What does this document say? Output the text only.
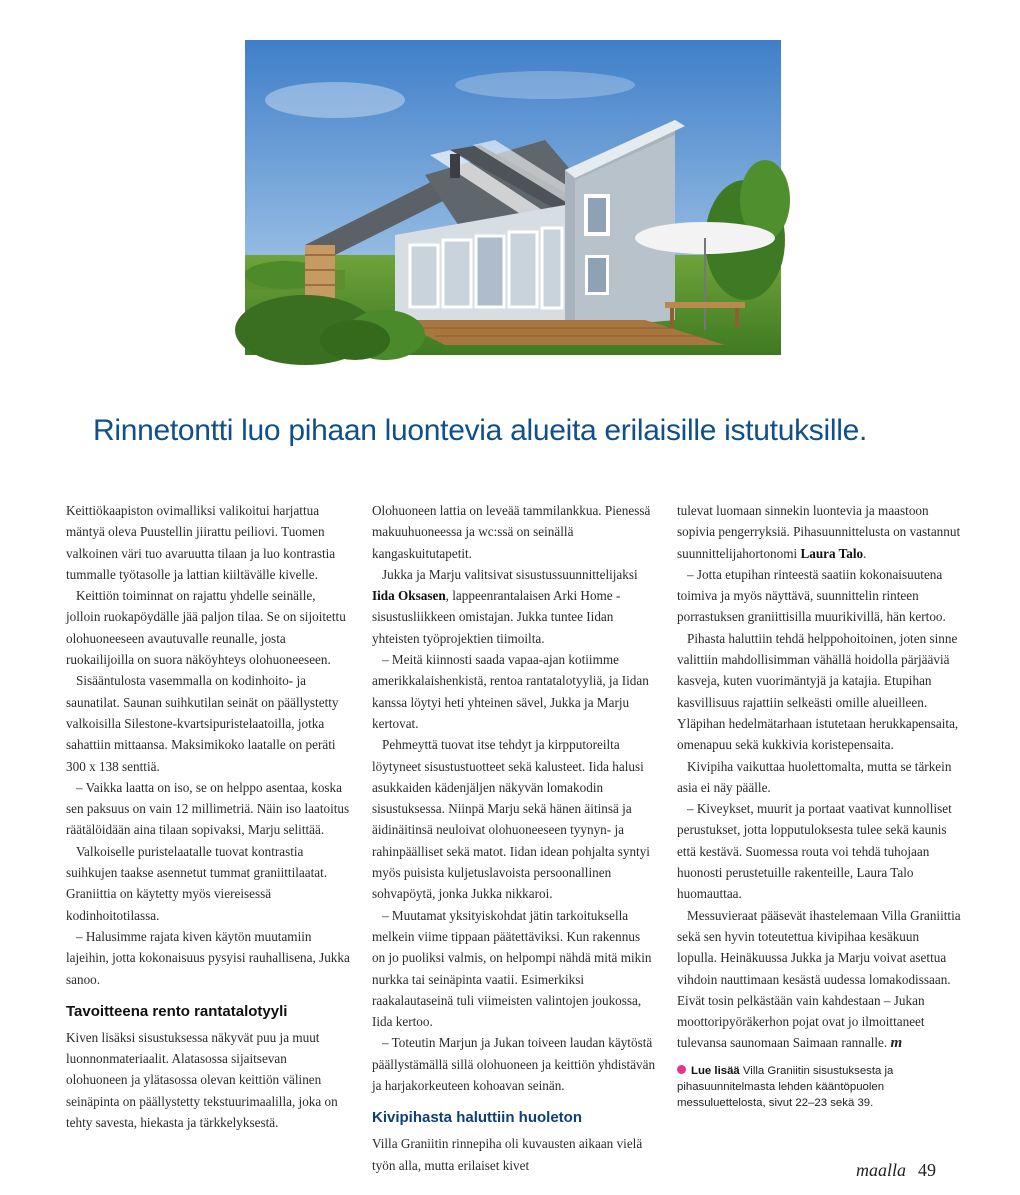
Villa Graniitti on muunneltu
Kastellitalojen Rinnevisio-talosta.
Rinnetontti luo pihaan luontevia alueita erilaisille istutuksille.

Keittiökaapiston ovimalliksi valikoitui harjattua mäntyä oleva Puustellin jiirattu peiliovi. Tuomen valkoinen väri tuo avaruutta tilaan ja luo kontrastia tummalle työtasolle ja lattian kiiltävälle kivelle.

Keittiön toiminnat on rajattu yhdelle seinälle, jolloin ruokapöydälle jää paljon tilaa. Se on sijoitettu olohuoneeseen avautuvalle reunalle, josta ruokailijoilla on suora näköyhteys olohuoneeseen.

Sisääntulosta vasemmalla on kodinhoito- ja saunatilat. Saunan suihkutilan seinät on päällystetty valkoisilla Silestone-kvartsipuristelaatoilla, jotka sahattiin mittaansa. Maksimikoko laatalle on peräti 300 x 138 senttiä.

– Vaikka laatta on iso, se on helppo asentaa, koska sen paksuus on vain 12 millimetriä. Näin iso laatoitus räätälöidään aina tilaan sopivaksi, Marju selittää.

Valkoiselle puristelaatalle tuovat kontrastia suihkujen taakse asennetut tummat graniittilaatat. Graniittia on käytetty myös viereisessä kodinhoitotilassa.

– Halusimme rajata kiven käytön muutamiin lajeihin, jotta kokonaisuus pysyisi rauhallisena, Jukka sanoo.

Tavoitteena rento rantatalotyyli

Kiven lisäksi sisustuksessa näkyvät puu ja muut luonnonmateriaalit. Alatasossa sijaitsevan olohuoneen ja ylätasossa olevan keittiön välinen seinäpinta on päällystetty tekstuurimaalilla, joka on tehty savesta, hiekasta ja tärkkelyksestä.

Olohuoneen lattia on leveää tammilankkua. Pienessä makuuhuoneessa ja wc:ssä on seinällä kangaskuitutapetit.

Jukka ja Marju valitsivat sisustussuunnittelijaksi Iida Oksasen, lappeenrantalaisen Arki Home -sisustusliikkeen omistajan. Jukka tuntee Iidan yhteisten työprojektien tiimoilta.

– Meitä kiinnosti saada vapaa-ajan kotiimme amerikkalaishenkistä, rentoa rantatalotyyliä, ja Iidan kanssa löytyi heti yhteinen sävel, Jukka ja Marju kertovat.

Pehmeyttä tuovat itse tehdyt ja kirpputoreilta löytyneet sisustustuotteet sekä kalusteet. Iida halusi asukkaiden kädenjäljen näkyvän lomakodin sisustuksessa. Niinpä Marju sekä hänen äitinsä ja äidinäitinsä neuloivat olohuoneeseen tyynyn- ja rahinpäälliset sekä matot. Iidan idean pohjalta syntyi myös puisista kuljetuslavoista persoonallinen sohvapöytä, jonka Jukka nikkaroi.

– Muutamat yksityiskohdat jätin tarkoituksella melkein viime tippaan päätettäviksi. Kun rakennus on jo puoliksi valmis, on helpompi nähdä mitä mikin nurkka tai seinäpinta vaatii. Esimerkiksi raakalautaseinä tuli viimeisten valintojen joukossa, Iida kertoo.

– Toteutin Marjun ja Jukan toiveen laudan käytöstä päällystämällä sillä olohuoneen ja keittiön yhdistävän ja harjakorkeuteen kohoavan seinän.

Kivipihasta haluttiin huoleton

Villa Graniitin rinnepiha oli kuvausten aikaan vielä työn alla, mutta erilaiset kivet

tulevat luomaan sinnekin luontevia ja maastoon sopivia pengerryksiä. Pihasuunnittelusta on vastannut suunnittelijahortonomi Laura Talo.

– Jotta etupihan rinteestä saatiin kokonaisuutena toimiva ja myös näyttävä, suunnittelin rinteen porrastuksen graniittisilla muurikivillä, hän kertoo.

Pihasta haluttiin tehdä helppohoitoinen, joten sinne valittiin mahdollisimman vähällä hoidolla pärjääviä kasveja, kuten vuorimäntyjä ja katajia. Etupihan kasvillisuus rajattiin selkeästi omille alueilleen. Yläpihan hedelmätarhaan istutetaan herukkapensaita, omenapuu sekä kukkivia koristepensaita.

Kivipiha vaikuttaa huolettomalta, mutta se tärkein asia ei näy päälle.

– Kiveykset, muurit ja portaat vaativat kunnolliset perustukset, jotta lopputuloksesta tulee sekä kaunis että kestävä. Suomessa routa voi tehdä tuhojaan huonosti perustetuille rakenteille, Laura Talo huomauttaa.

Messuvieraat pääsevät ihastelemaan Villa Graniittia sekä sen hyvin toteutettua kivipihaa kesäkuun lopulla. Heinäkuussa Jukka ja Marju voivat asettua vihdoin nauttimaan kesästä uudessa lomakodissaan. Eivät tosin pelkästään vain kahdestaan – Jukan moottoripyöräkerhon pojat ovat jo ilmoittaneet tulevansa saunomaan Saimaan rannalle. m

Lue lisää Villa Graniitin sisustuksesta ja pihasuunnitelmasta lehden kääntöpuolen messuluettelosta, sivut 22–23 sekä 39.
maalla 49
